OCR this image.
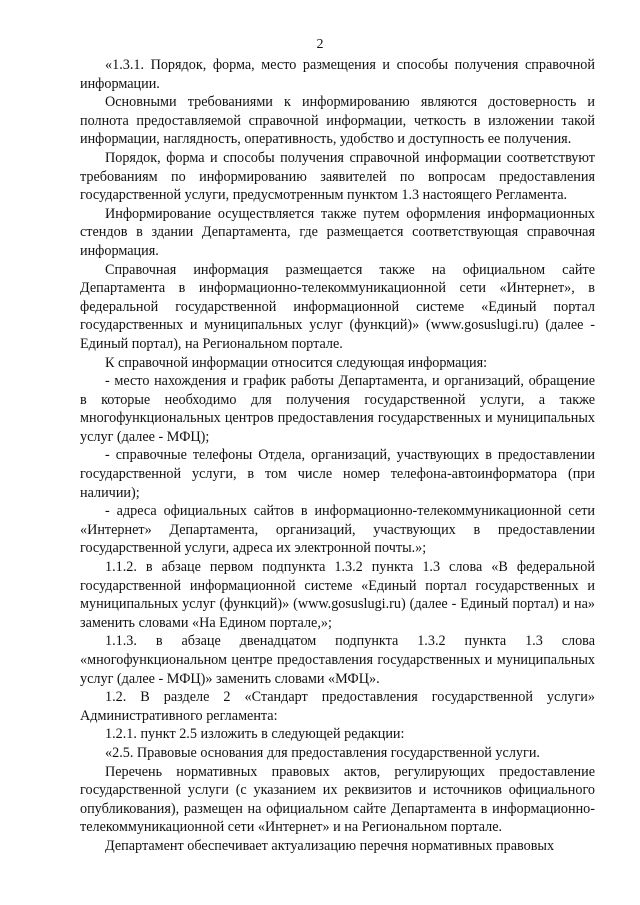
2

«1.3.1. Порядок, форма, место размещения и способы получения справочной информации.

Основными требованиями к информированию являются достоверность и полнота предоставляемой справочной информации, четкость в изложении такой информации, наглядность, оперативность, удобство и доступность ее получения.

Порядок, форма и способы получения справочной информации соответствуют требованиям по информированию заявителей по вопросам предоставления государственной услуги, предусмотренным пунктом 1.3 настоящего Регламента.

Информирование осуществляется также путем оформления информационных стендов в здании Департамента, где размещается соответствующая справочная информация.

Справочная информация размещается также на официальном сайте Департамента в информационно-телекоммуникационной сети «Интернет», в федеральной государственной информационной системе «Единый портал государственных и муниципальных услуг (функций)» (www.gosuslugi.ru) (далее - Единый портал), на Региональном портале.

К справочной информации относится следующая информация:

- место нахождения и график работы Департамента, и организаций, обращение в которые необходимо для получения государственной услуги, а также многофункциональных центров предоставления государственных и муниципальных услуг (далее - МФЦ);

- справочные телефоны Отдела, организаций, участвующих в предоставлении государственной услуги, в том числе номер телефона-автоинформатора (при наличии);

- адреса официальных сайтов в информационно-телекоммуникационной сети «Интернет» Департамента, организаций, участвующих в предоставлении государственной услуги, адреса их электронной почты.»;

1.1.2. в абзаце первом подпункта 1.3.2 пункта 1.3 слова «В федеральной государственной информационной системе «Единый портал государственных и муниципальных услуг (функций)» (www.gosuslugi.ru) (далее - Единый портал) и на» заменить словами «На Едином портале,»;

1.1.3. в абзаце двенадцатом подпункта 1.3.2 пункта 1.3 слова «многофункциональном центре предоставления государственных и муниципальных услуг (далее - МФЦ)» заменить словами «МФЦ».

1.2. В разделе 2 «Стандарт предоставления государственной услуги» Административного регламента:

1.2.1. пункт 2.5 изложить в следующей редакции:

«2.5. Правовые основания для предоставления государственной услуги.

Перечень нормативных правовых актов, регулирующих предоставление государственной услуги (с указанием их реквизитов и источников официального опубликования), размещен на официальном сайте Департамента в информационно-телекоммуникационной сети «Интернет» и на Региональном портале.

Департамент обеспечивает актуализацию перечня нормативных правовых
